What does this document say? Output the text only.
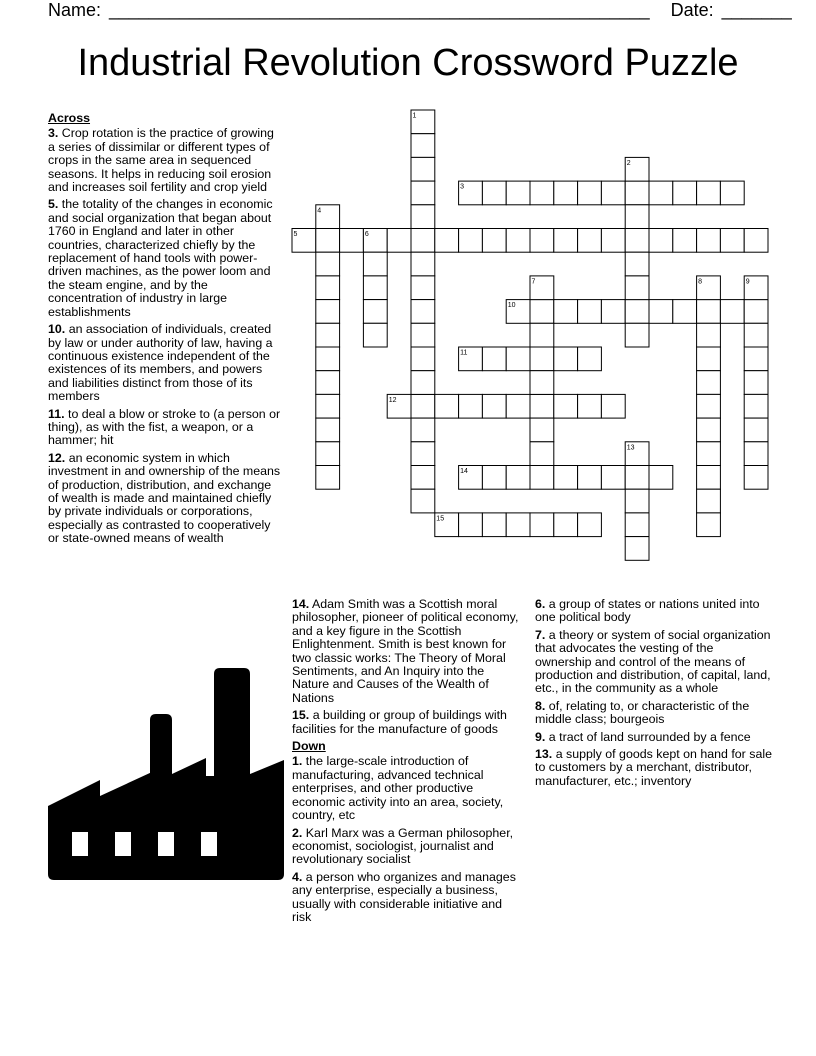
Name: ______________________________________________________ Date: _______
Industrial Revolution Crossword Puzzle
3
5
10
11
12
14
15
1
2
4
6
7	8	9
13
Across
3. Crop rotation is the practice of growing a series of dissimilar or different types of crops in the same area in sequenced seasons. It helps in reducing soil erosion and increases soil fertility and crop yield
5. the totality of the changes in economic and social organization that began about 1760 in England and later in other countries, characterized chiefly by the replacement of hand tools with power-driven machines, as the power loom and the steam engine, and by the concentration of industry in large establishments
10. an association of individuals, created by law or under authority of law, having a continuous existence independent of the existences of its members, and powers and liabilities distinct from those of its members
11. to deal a blow or stroke to (a person or thing), as with the fist, a weapon, or a hammer; hit
12. an economic system in which investment in and ownership of the means of production, distribution, and exchange of wealth is made and maintained chiefly by private individuals or corporations, especially as contrasted to cooperatively or state-owned means of wealth
14. Adam Smith was a Scottish moral philosopher, pioneer of political economy, and a key figure in the Scottish Enlightenment. Smith is best known for two classic works: The Theory of Moral Sentiments, and An Inquiry into the Nature and Causes of the Wealth of Nations
15. a building or group of buildings with facilities for the manufacture of goods
Down
1. the large-scale introduction of manufacturing, advanced technical enterprises, and other productive economic activity into an area, society, country, etc
2. Karl Marx was a German philosopher, economist, sociologist, journalist and revolutionary socialist
4. a person who organizes and manages any enterprise, especially a business, usually with considerable initiative and risk
6. a group of states or nations united into one political body
7. a theory or system of social organization that advocates the vesting of the ownership and control of the means of production and distribution, of capital, land, etc., in the community as a whole
8. of, relating to, or characteristic of the middle class; bourgeois
9. a tract of land surrounded by a fence
13. a supply of goods kept on hand for sale to customers by a merchant, distributor, manufacturer, etc.; inventory
